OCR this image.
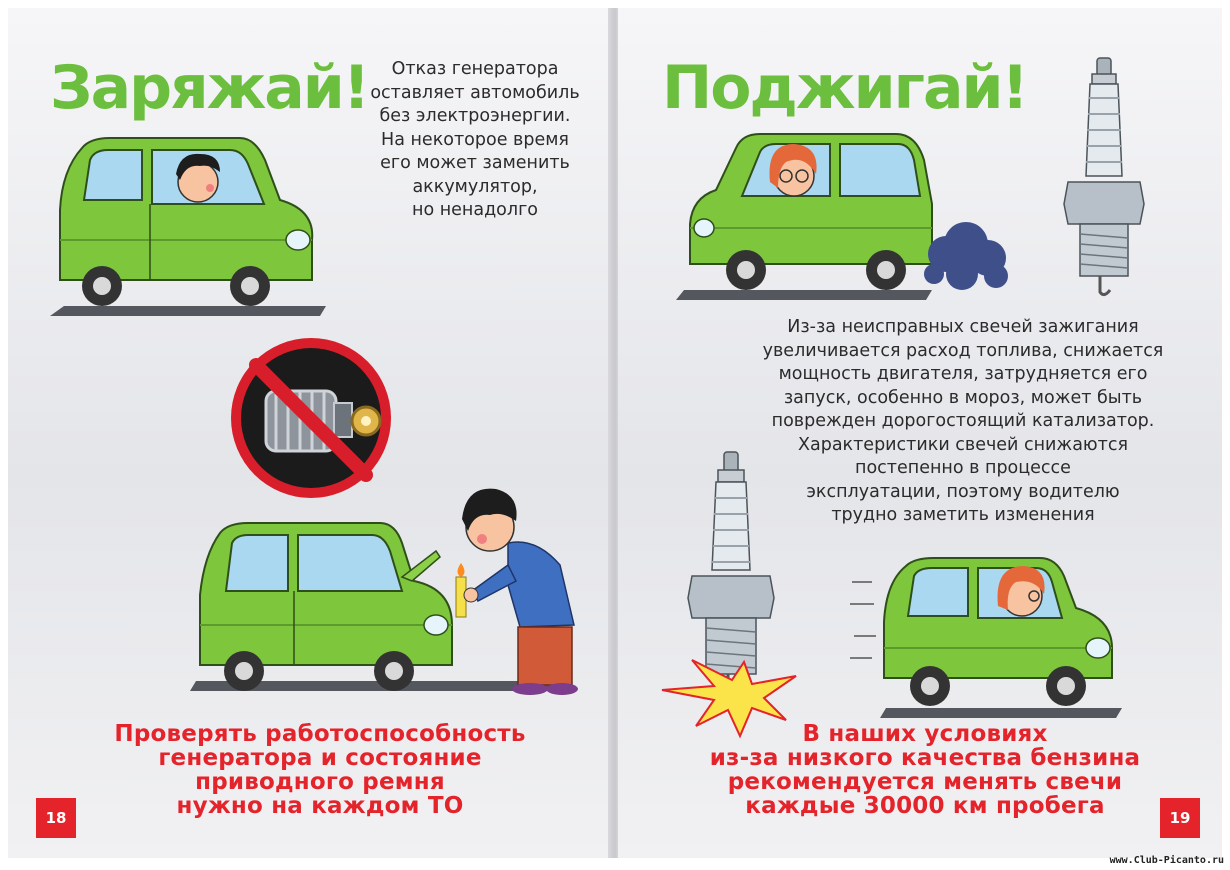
Заряжай!	Отказ генератора
оставляет автомобиль
без электроэнергии.
На некоторое время
его может заменить
аккумулятор,
но ненадолго

Проверять работоспособность
генератора и состояние
приводного ремня
нужно на каждом ТО

18
Поджигай!

Из-за неисправных свечей зажигания
увеличивается расход топлива, снижается
мощность двигателя, затрудняется его
запуск, особенно в мороз, может быть
поврежден дорогостоящий катализатор.
Характеристики свечей снижаются
постепенно в процессе
эксплуатации, поэтому водителю
трудно заметить изменения

В наших условиях
из-за низкого качества бензина
рекомендуется менять свечи
каждые 30000 км пробега	19
www.Club-Picanto.ru
